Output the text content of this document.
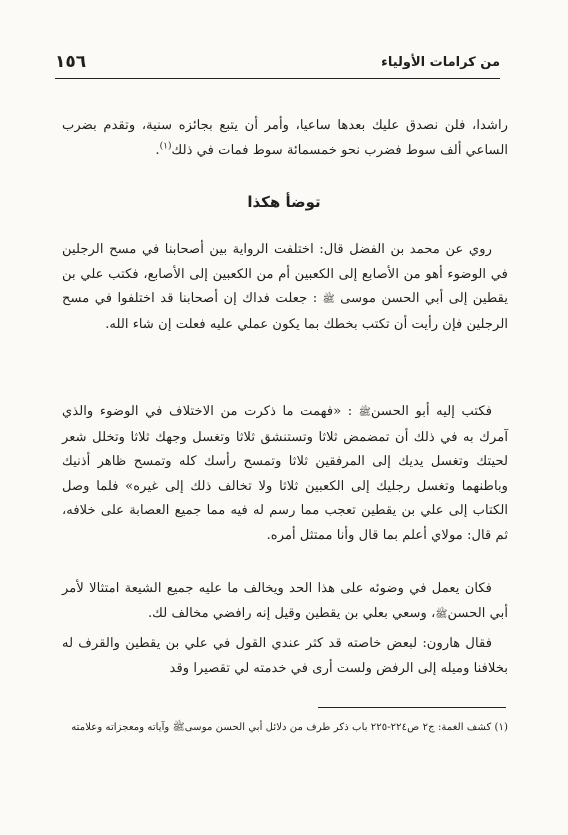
١٥٦	من كرامات الأولياء

راشدا، فلن نصدق عليك بعدها ساعيا، وأمر أن يتبع بجائزه سنية، وتقدم بضرب الساعي ألف سوط فضرب نحو خمسمائة سوط فمات في ذلك$^{(١)}$.

توضأ هكذا

روي عن محمد بن الفضل قال: اختلفت الرواية بين أصحابنا في مسح الرجلين في الوضوء أهو من الأصابع إلى الكعبين أم من الكعبين إلى الأصابع، فكتب علي بن يقطين إلى أبي الحسن موسى ﷺ : جعلت فداك إن أصحابنا قد اختلفوا في مسح الرجلين فإن رأيت أن تكتب بخطك بما يكون عملي عليه فعلت إن شاء الله.

فكتب إليه أبو الحسنﷺ : «فهمت ما ذكرت من الاختلاف في الوضوء والذي آمرك به في ذلك أن تمضمض ثلاثا وتستنشق ثلاثا وتغسل وجهك ثلاثا وتخلل شعر لحيتك وتغسل يديك إلى المرفقين ثلاثا وتمسح رأسك كله وتمسح ظاهر أذنيك وباطنهما وتغسل رجليك إلى الكعبين ثلاثا ولا تخالف ذلك إلى غيره» فلما وصل الكتاب إلى علي بن يقطين تعجب مما رسم له فيه مما جميع العصابة على خلافه، ثم قال: مولاي أعلم بما قال وأنا ممتثل أمره.

فكان يعمل في وضوئه على هذا الحد ويخالف ما عليه جميع الشيعة امتثالا لأمر أبي الحسنﷺ، وسعي بعلي بن يقطين وقيل إنه رافضي مخالف لك.

فقال هارون: لبعض خاصته قد كثر عندي القول في علي بن يقطين والقرف له بخلافنا وميله إلى الرفض ولست أرى في خدمته لي تقصيرا وقد

(١) كشف الغمة: ج٢ ص٢٢٤-٢٢٥ باب ذكر طرف من دلائل أبي الحسن موسىﷺ وآياته ومعجزاته وعلامته
